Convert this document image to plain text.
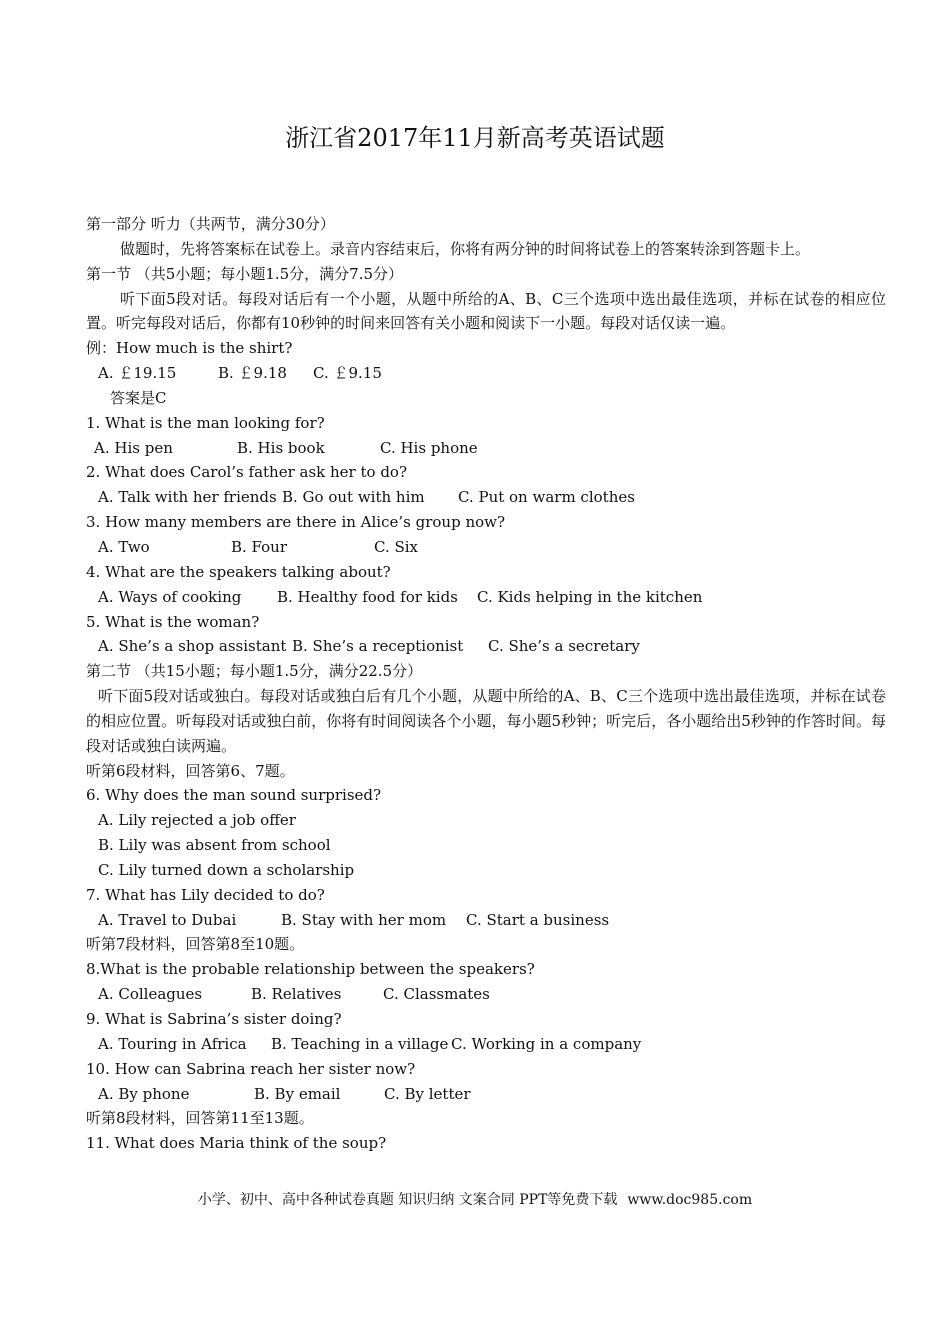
浙江省2017年11月新高考英语试题
第一部分 听力（共两节，满分30分）
做题时，先将答案标在试卷上。录音内容结束后，你将有两分钟的时间将试卷上的答案转涂到答题卡上。
第一节 （共5小题；每小题1.5分，满分7.5分）
听下面5段对话。每段对话后有一个小题，从题中所给的A、B、C三个选项中选出最佳选项，并标在试卷的相应位置。听完每段对话后，你都有10秒钟的时间来回答有关小题和阅读下一小题。每段对话仅读一遍。
例：How much is the shirt?
A. ￡19.15	B. ￡9.18	C. ￡9.15
答案是C
1. What is the man looking for?
A. His pen	B. His book	C. His phone
2. What does Carol’s father ask her to do?
A. Talk with her friends B. Go out with him	C. Put on warm clothes
3. How many members are there in Alice’s group now?
A. Two	B. Four	C. Six
4. What are the speakers talking about?
A. Ways of cooking	B. Healthy food for kids	C. Kids helping in the kitchen
5. What is the woman?
A. She’s a shop assistant B. She’s a receptionist	C. She’s a secretary
第二节 （共15小题；每小题1.5分，满分22.5分）
听下面5段对话或独白。每段对话或独白后有几个小题，从题中所给的A、B、C三个选项中选出最佳选项，并标在试卷的相应位置。听每段对话或独白前，你将有时间阅读各个小题，每小题5秒钟；听完后，各小题给出5秒钟的作答时间。每段对话或独白读两遍。
听第6段材料，回答第6、7题。
6. Why does the man sound surprised?
A. Lily rejected a job offer
B. Lily was absent from school
C. Lily turned down a scholarship
7. What has Lily decided to do?
A. Travel to Dubai	B. Stay with her mom	C. Start a business
听第7段材料，回答第8至10题。
8.What is the probable relationship between the speakers?
A. Colleagues	B. Relatives	C. Classmates
9. What is Sabrina’s sister doing?
A. Touring in Africa	B. Teaching in a village C. Working in a company
10. How can Sabrina reach her sister now?
A. By phone	B. By email	C. By letter
听第8段材料，回答第11至13题。
11. What does Maria think of the soup?
小学、初中、高中各种试卷真题 知识归纳 文案合同 PPT等免费下载 www.doc985.com
